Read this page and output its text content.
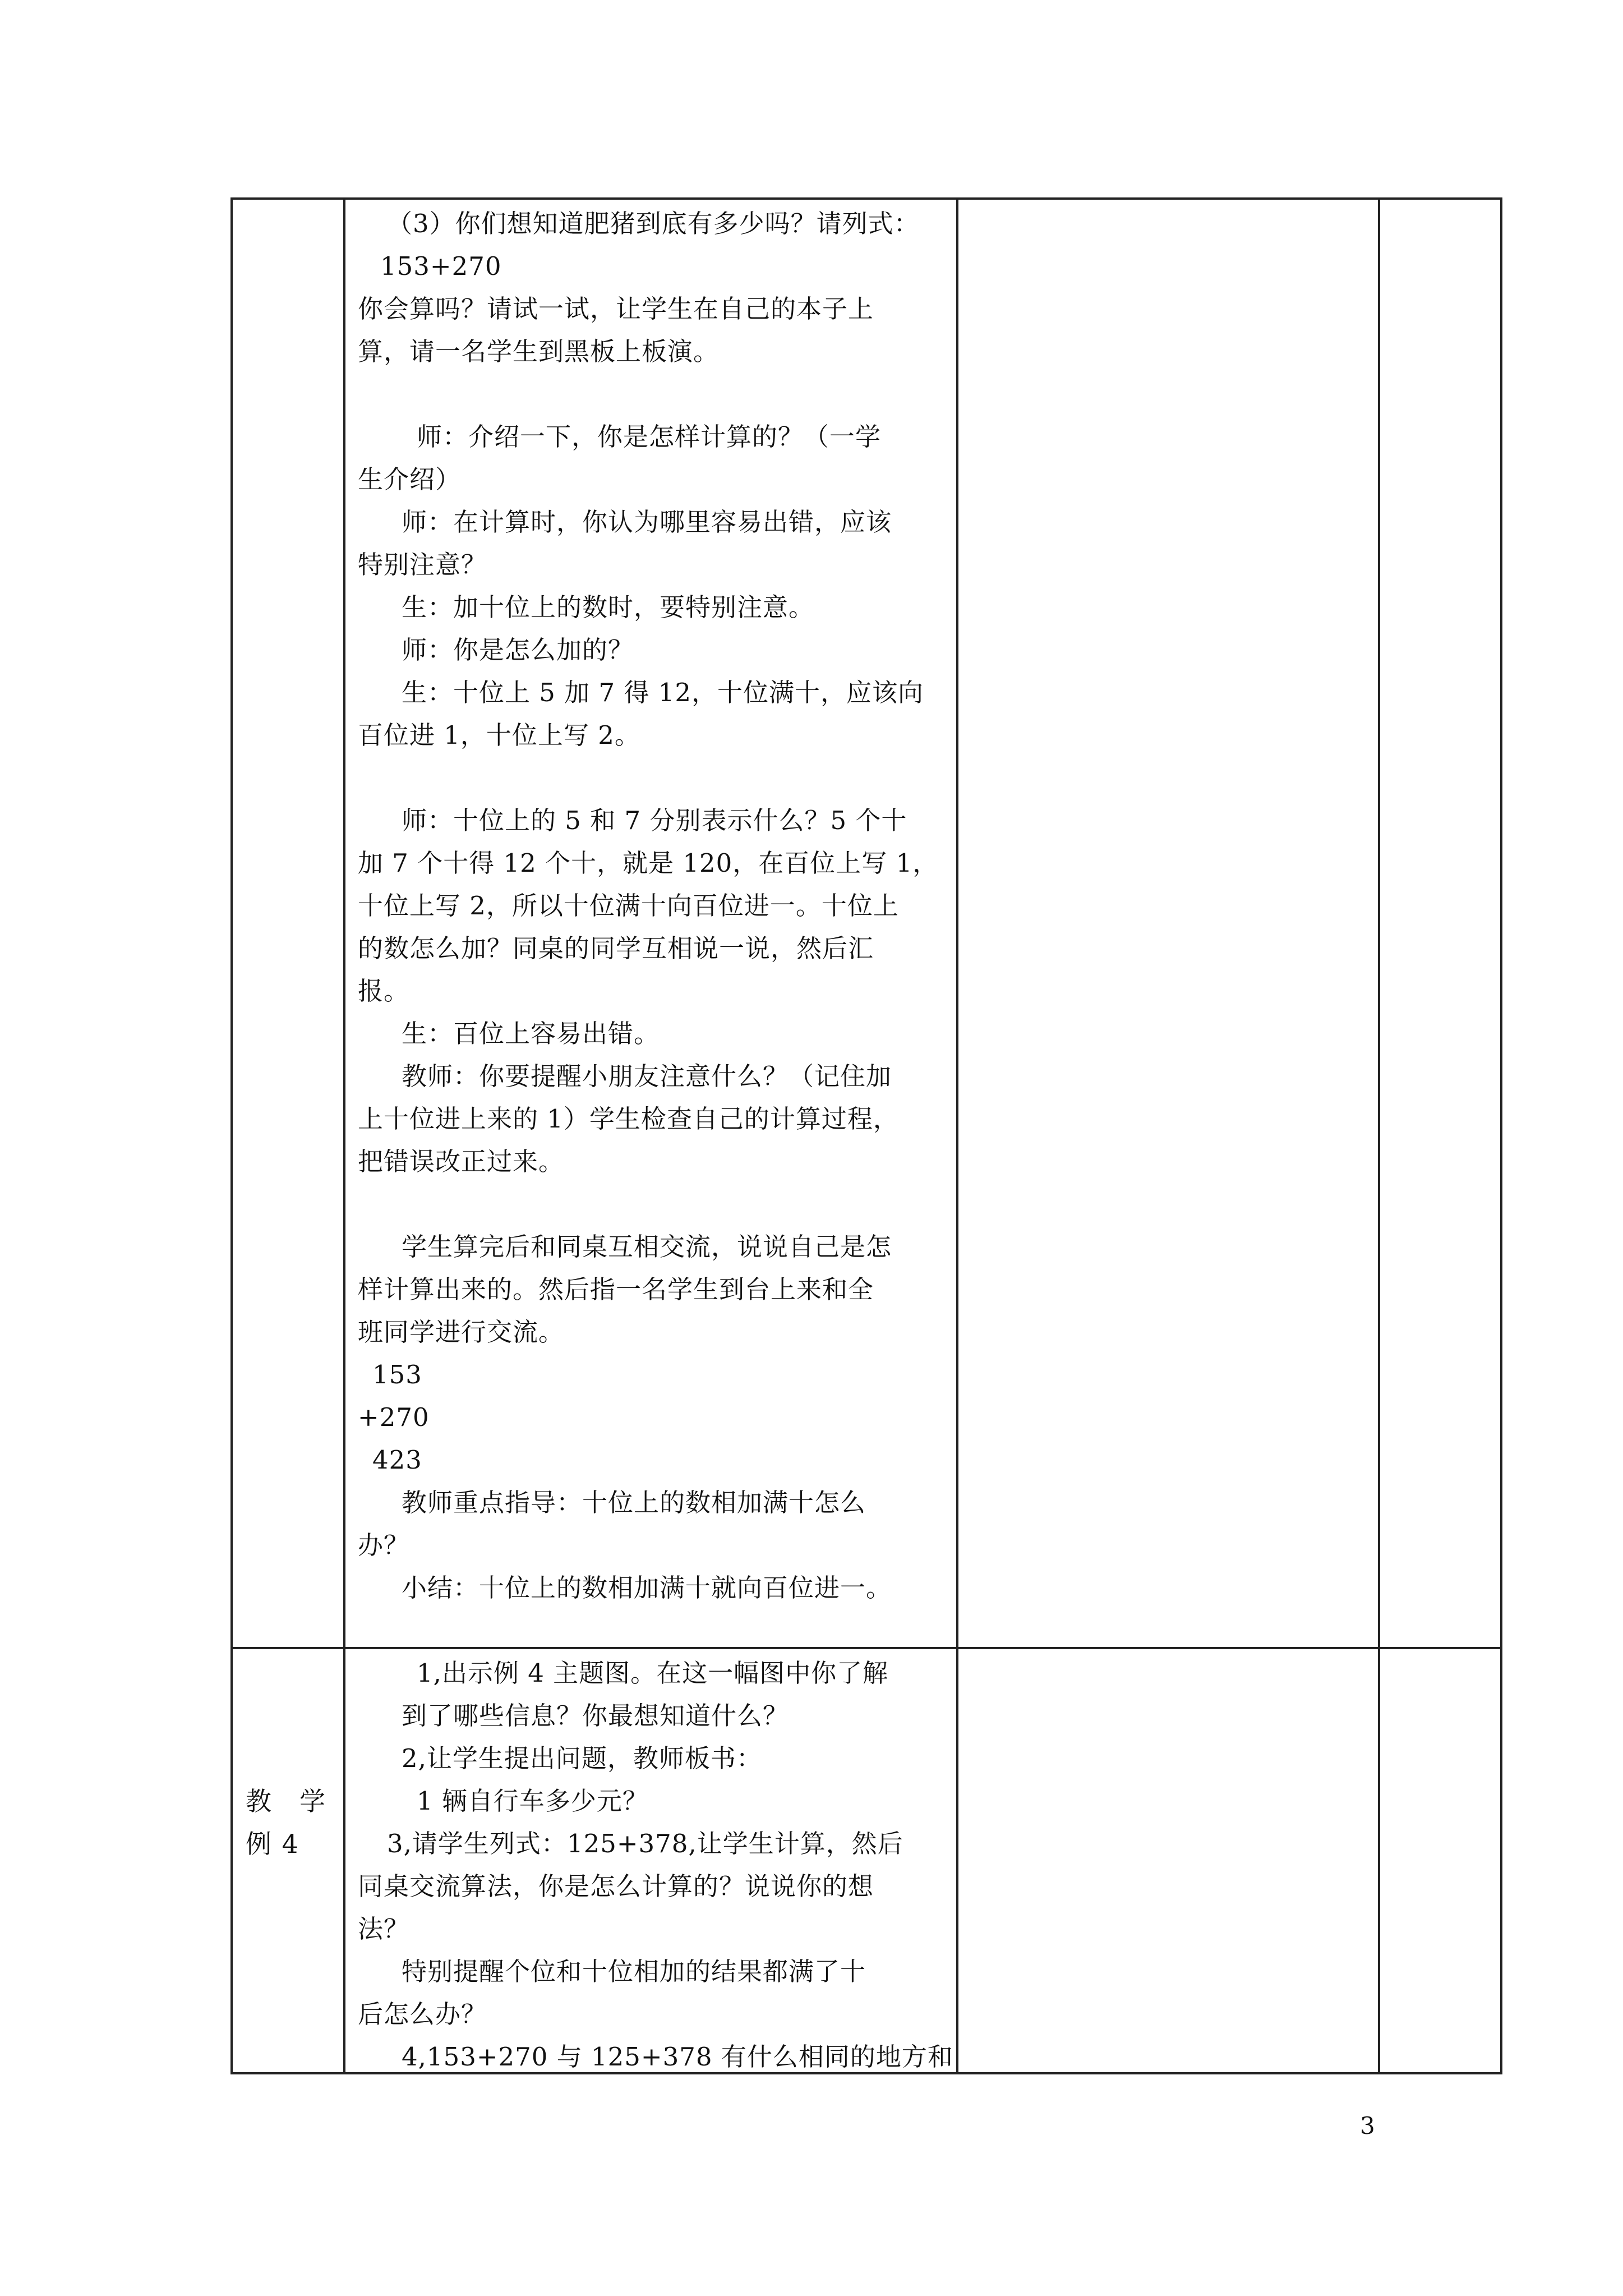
（3）你们想知道肥猪到底有多少吗？请列式：
153+270
你会算吗？请试一试，让学生在自己的本子上
算，请一名学生到黑板上板演。
师：介绍一下，你是怎样计算的？（一学
生介绍）
师：在计算时，你认为哪里容易出错，应该
特别注意？
生：加十位上的数时，要特别注意。
师：你是怎么加的？
生：十位上 5 加 7 得 12，十位满十，应该向
百位进 1，十位上写 2。
师：十位上的 5 和 7 分别表示什么？5 个十
加 7 个十得 12 个十，就是 120，在百位上写 1，
十位上写 2，所以十位满十向百位进一。十位上
的数怎么加？同桌的同学互相说一说，然后汇
报。
生：百位上容易出错。
教师：你要提醒小朋友注意什么？（记住加
上十位进上来的 1）学生检查自己的计算过程，
把错误改正过来。
学生算完后和同桌互相交流，说说自己是怎
样计算出来的。然后指一名学生到台上来和全
班同学进行交流。
153
+270
423
教师重点指导：十位上的数相加满十怎么
办？
小结：十位上的数相加满十就向百位进一。
教　学
例 4
1,出示例 4 主题图。在这一幅图中你了解
到了哪些信息？你最想知道什么？
2,让学生提出问题，教师板书：
1 辆自行车多少元？
3,请学生列式：125+378,让学生计算，然后
同桌交流算法，你是怎么计算的？说说你的想
法？
特别提醒个位和十位相加的结果都满了十
后怎么办？
4,153+270 与 125+378 有什么相同的地方和
3
